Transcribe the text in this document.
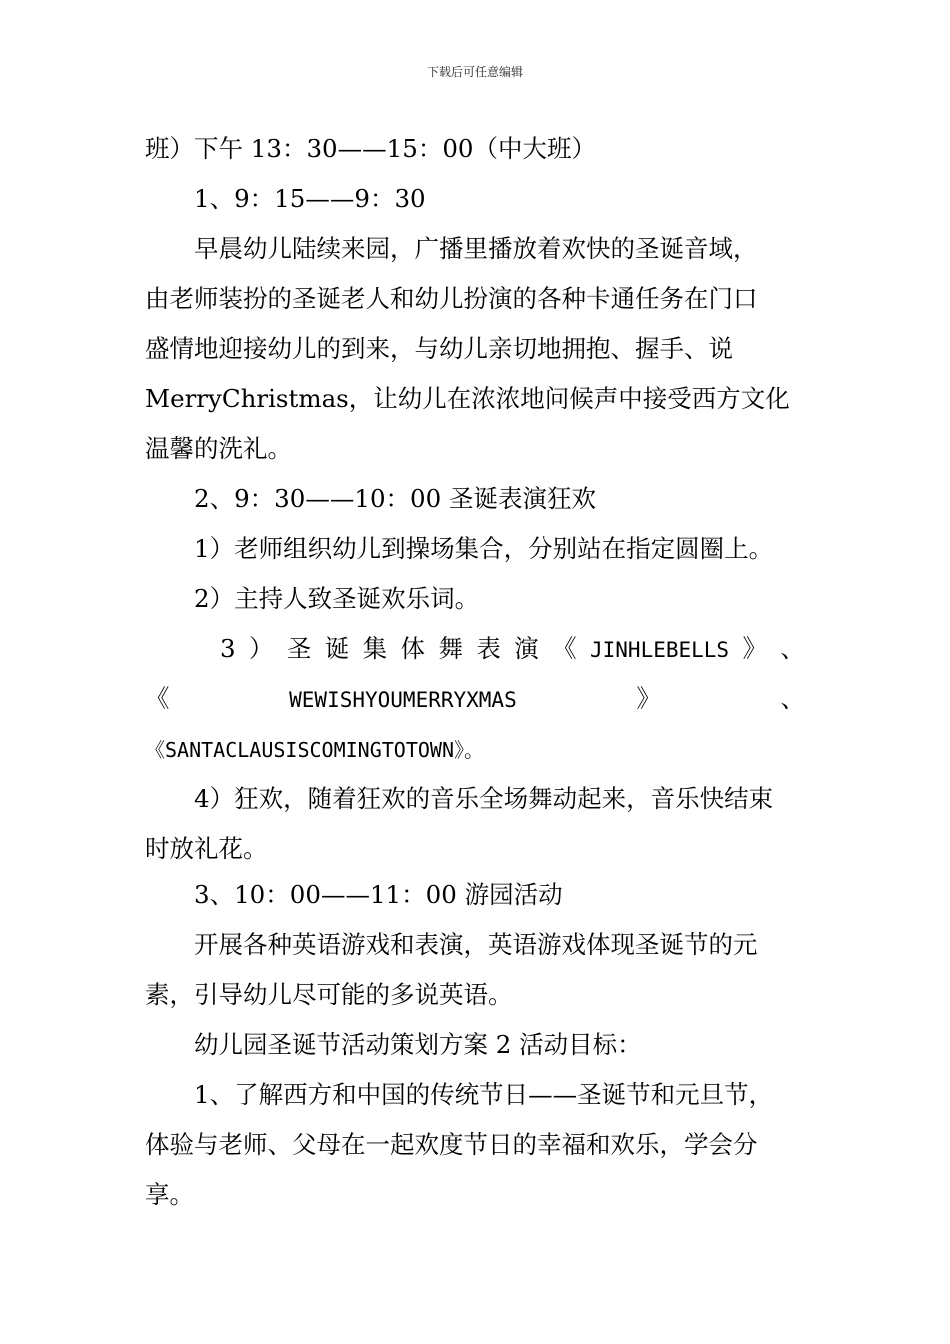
下载后可任意编辑
班）下午 13：30——15：00（中大班）
1、9：15——9：30
早晨幼儿陆续来园，广播里播放着欢快的圣诞音域，
由老师装扮的圣诞老人和幼儿扮演的各种卡通任务在门口
盛情地迎接幼儿的到来，与幼儿亲切地拥抱、握手、说
MerryChristmas，让幼儿在浓浓地问候声中接受西方文化
温馨的洗礼。
2、9：30——10：00 圣诞表演狂欢
1）老师组织幼儿到操场集合，分别站在指定圆圈上。
2）主持人致圣诞欢乐词。
3 ） 圣 诞 集 体 舞 表 演 《 JINHLEBELLS 》 、
《	WEWISHYOUMERRYXMAS	》	、
《SANTACLAUSISCOMINGTOTOWN》。
4）狂欢，随着狂欢的音乐全场舞动起来，音乐快结束
时放礼花。
3、10：00——11：00 游园活动
开展各种英语游戏和表演，英语游戏体现圣诞节的元
素，引导幼儿尽可能的多说英语。
幼儿园圣诞节活动策划方案 2 活动目标：
1、了解西方和中国的传统节日——圣诞节和元旦节，
体验与老师、父母在一起欢度节日的幸福和欢乐，学会分
享。
